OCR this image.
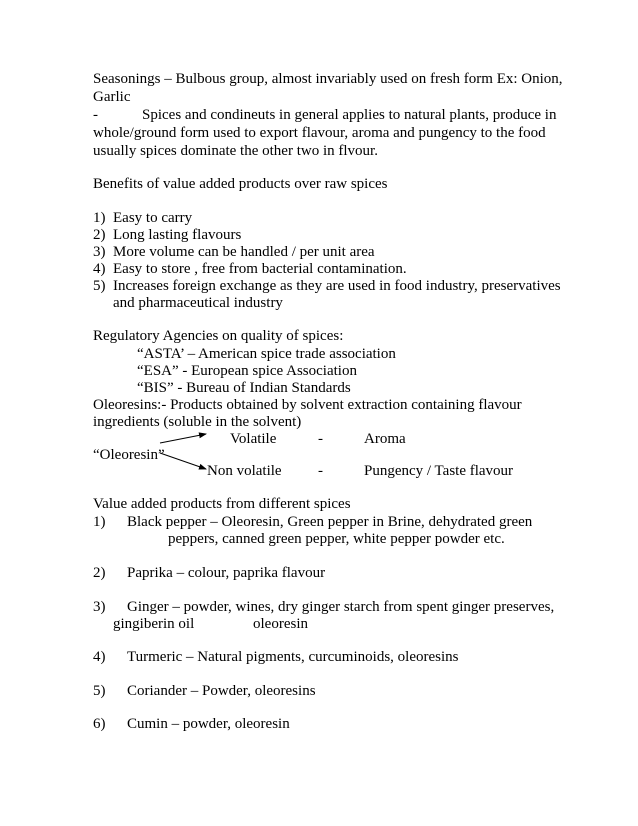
Seasonings – Bulbous group, almost invariably used on fresh form Ex: Onion,
Garlic
-	Spices and condineuts in general applies to natural plants, produce in
whole/ground form used to export flavour, aroma and pungency to the food
usually spices dominate the other two in flvour.
Benefits of value added products over raw spices
1) Easy to carry
2) Long lasting flavours
3) More volume can be handled / per unit area
4) Easy to store , free from bacterial contamination.
5) Increases foreign exchange as they are used in food industry, preservatives
and pharmaceutical industry
Regulatory Agencies on quality of spices:
“ASTA’ – American spice trade association
“ESA” - European spice Association
“BIS” - Bureau of Indian Standards
Oleoresins:- Products obtained by solvent extraction containing flavour
ingredients (soluble in the solvent)
Volatile	-	Aroma
“Oleoresin”
Non volatile -	Pungency / Taste flavour
Value added products from different spices
1) Black pepper – Oleoresin, Green pepper in Brine, dehydrated green
peppers, canned green pepper, white pepper powder etc.
2) Paprika – colour, paprika flavour
3) Ginger – powder, wines, dry ginger starch from spent ginger preserves,
gingiberin oil	oleoresin
4) Turmeric – Natural pigments, curcuminoids, oleoresins
5) Coriander – Powder, oleoresins
6) Cumin – powder, oleoresin
